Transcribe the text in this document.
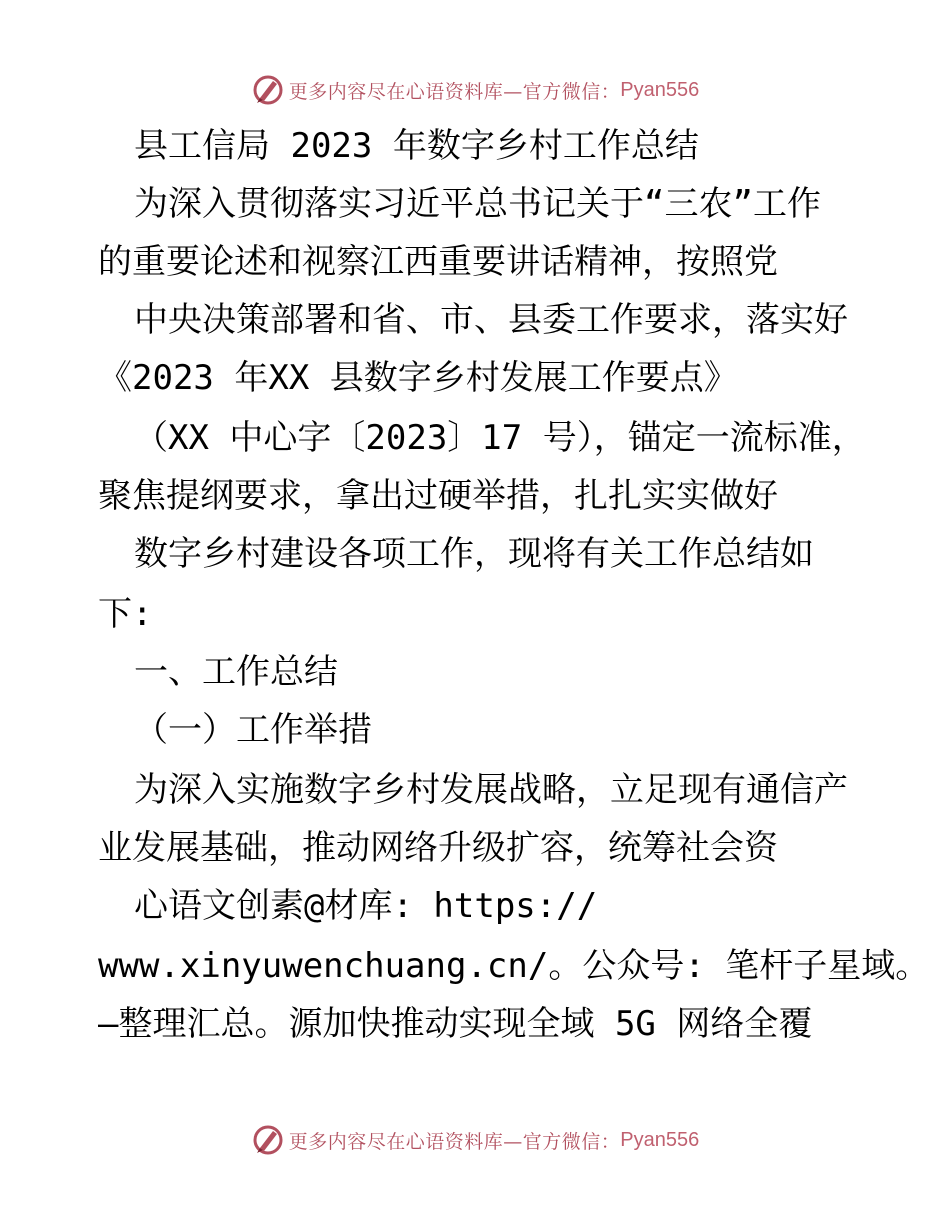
更多内容尽在心语资料库—官方微信： Pyan556
县工信局 2023 年数字乡村工作总结
为深入贯彻落实习近平总书记关于“三农”工作
的重要论述和视察江西重要讲话精神，按照党
中央决策部署和省、市、县委工作要求，落实好
《2023 年XX 县数字乡村发展工作要点》
（XX 中心字〔2023〕17 号），锚定一流标准，
聚焦提纲要求，拿出过硬举措，扎扎实实做好
数字乡村建设各项工作，现将有关工作总结如
下:
一、工作总结
（一）工作举措
为深入实施数字乡村发展战略，立足现有通信产
业发展基础，推动网络升级扩容，统筹社会资
心语文创素@材库: https://
www.xinyuwenchuang.cn/。公众号: 笔杆子星域。
—整理汇总。源加快推动实现全域 5G 网络全覆
更多内容尽在心语资料库—官方微信： Pyan556
